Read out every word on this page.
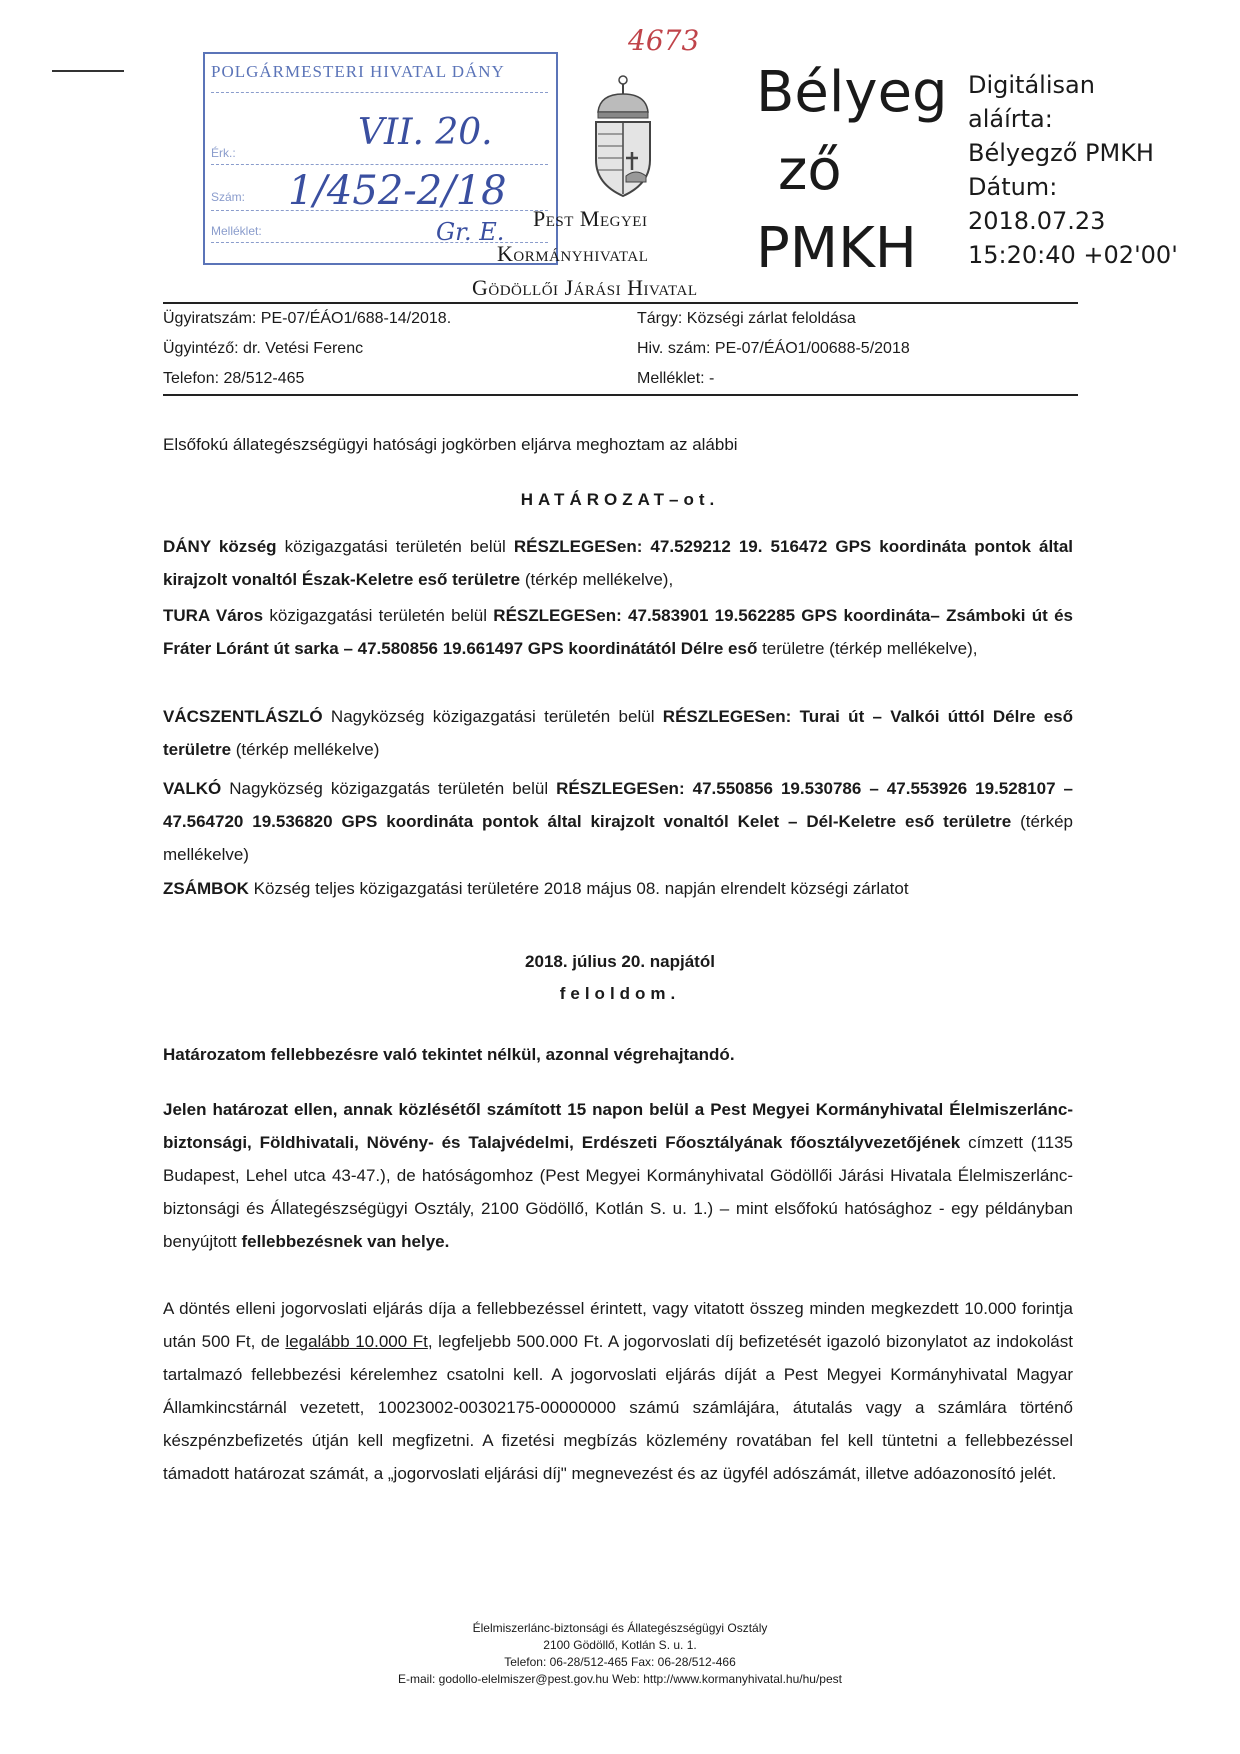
4673
POLGÁRMESTERI HIVATAL DÁNY
Érk.:
Szám:
Melléklet:
VII. 20.
1/452-2/18
Gr. E. Pest Megyei
Kormányhivatal
Gödöllői Járási Hivatal
Bélyeg
ző
PMKH
Digitálisan
aláírta:
Bélyegző PMKH
Dátum:
2018.07.23
15:20:40 +02'00'
Ügyiratszám: PE-07/ÉÁO1/688-14/2018.
Ügyintéző: dr. Vetési Ferenc
Telefon: 28/512-465
Tárgy: Községi zárlat feloldása
Hiv. szám: PE-07/ÉÁO1/00688-5/2018
Melléklet: -
Elsőfokú állategészségügyi hatósági jogkörben eljárva meghoztam az alábbi
HATÁROZAT–ot.
DÁNY község közigazgatási területén belül RÉSZLEGESen: 47.529212 19. 516472 GPS koordináta pontok által kirajzolt vonaltól Észak-Keletre eső területre (térkép mellékelve),
TURA Város közigazgatási területén belül RÉSZLEGESen: 47.583901 19.562285 GPS koordináta– Zsámboki út és Fráter Lóránt út sarka – 47.580856 19.661497 GPS koordinátától Délre eső területre (térkép mellékelve),
VÁCSZENTLÁSZLÓ Nagyközség közigazgatási területén belül RÉSZLEGESen: Turai út – Valkói úttól Délre eső területre (térkép mellékelve)
VALKÓ Nagyközség közigazgatás területén belül RÉSZLEGESen: 47.550856 19.530786 – 47.553926 19.528107 – 47.564720 19.536820 GPS koordináta pontok által kirajzolt vonaltól Kelet – Dél-Keletre eső területre (térkép mellékelve)
ZSÁMBOK Község teljes közigazgatási területére 2018 május 08. napján elrendelt községi zárlatot
2018. július 20. napjától
feloldom.
Határozatom fellebbezésre való tekintet nélkül, azonnal végrehajtandó.
Jelen határozat ellen, annak közlésétől számított 15 napon belül a Pest Megyei Kormányhivatal Élelmiszerlánc-biztonsági, Földhivatali, Növény- és Talajvédelmi, Erdészeti Főosztályának főosztályvezetőjének címzett (1135 Budapest, Lehel utca 43-47.), de hatóságomhoz (Pest Megyei Kormányhivatal Gödöllői Járási Hivatala Élelmiszerlánc-biztonsági és Állategészségügyi Osztály, 2100 Gödöllő, Kotlán S. u. 1.) – mint elsőfokú hatósághoz - egy példányban benyújtott fellebbezésnek van helye.
A döntés elleni jogorvoslati eljárás díja a fellebbezéssel érintett, vagy vitatott összeg minden megkezdett 10.000 forintja után 500 Ft, de legalább 10.000 Ft, legfeljebb 500.000 Ft. A jogorvoslati díj befizetését igazoló bizonylatot az indokolást tartalmazó fellebbezési kérelemhez csatolni kell. A jogorvoslati eljárás díját a Pest Megyei Kormányhivatal Magyar Államkincstárnál vezetett, 10023002-00302175-00000000 számú számlájára, átutalás vagy a számlára történő készpénzbefizetés útján kell megfizetni. A fizetési megbízás közlemény rovatában fel kell tüntetni a fellebbezéssel támadott határozat számát, a „jogorvoslati eljárási díj" megnevezést és az ügyfél adószámát, illetve adóazonosító jelét.
Élelmiszerlánc-biztonsági és Állategészségügyi Osztály
2100 Gödöllő, Kotlán S. u. 1.
Telefon: 06-28/512-465 Fax: 06-28/512-466
E-mail: godollo-elelmiszer@pest.gov.hu Web: http://www.kormanyhivatal.hu/hu/pest
